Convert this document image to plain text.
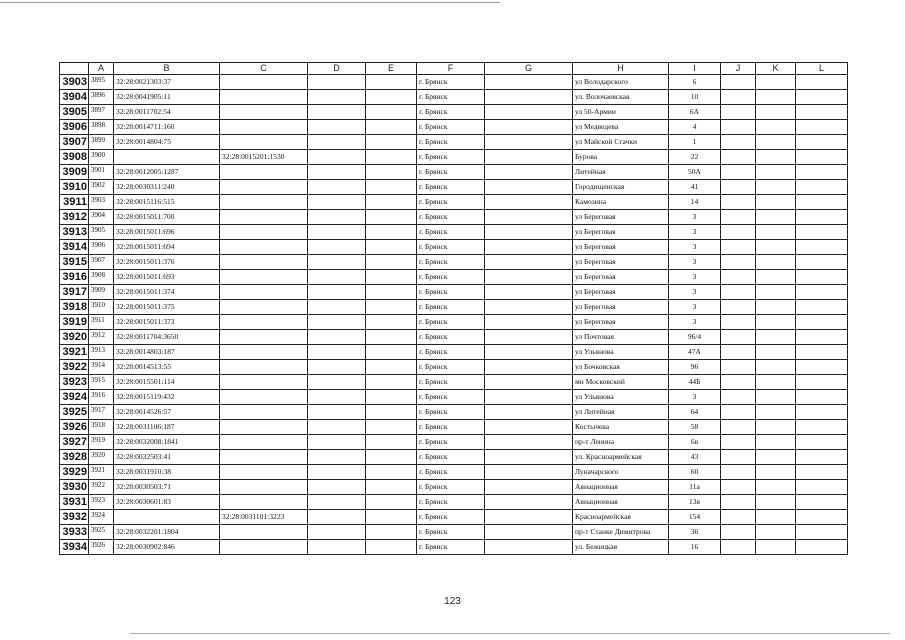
	A	B	C	D	E	F	G	H	I	J	K	L
3903	3895	32:28:0021303:37				г. Брянск		ул Володарского	6			
3904	3896	32:28:0041905:11				г. Брянск		ул. Волочаевская	10			
3905	3897	32:28:0011702:54				г. Брянск		ул 50-Армии	6А			
3906	3898	32:28:0014711:160				г. Брянск		ул Медведева	4			
3907	3899	32:28:0014804:75				г. Брянск		ул Майской Стачки	1			
3908	3900		32:28:0015201:1530			г. Брянск		Бурова	22			
3909	3901	32:28:0012005:1287				г. Брянск		Литейная	50А			
3910	3902	32:28:0030311:240				г. Брянск		Городищенская	41			
3911	3903	32:28:0015116:515				г. Брянск		Камозина	14			
3912	3904	32:28:0015011:700				г. Брянск		ул Береговая	3			
3913	3905	32:28:0015011:696				г. Брянск		ул Береговая	3			
3914	3906	32:28:0015011:694				г. Брянск		ул Береговая	3			
3915	3907	32:28:0015011:376				г. Брянск		ул Береговая	3			
3916	3908	32:28:0015011:693				г. Брянск		ул Береговая	3			
3917	3909	32:28:0015011:374				г. Брянск		ул Береговая	3			
3918	3910	32:28:0015011:375				г. Брянск		ул Береговая	3			
3919	3911	32:28:0015011:373				г. Брянск		ул Береговая	3			
3920	3912	32:28:0011704:3650				г. Брянск		ул Почтовая	96/4			
3921	3913	32:28:0014803:187				г. Брянск		ул Ульянова	47А			
3922	3914	32:28:0014513:55				г. Брянск		ул Бочковская	96			
3923	3915	32:28:0015501:114				г. Брянск		мн Московский	44Б			
3924	3916	32:28:0015119:432				г. Брянск		ул Ульянова	3			
3925	3917	32:28:0014526:57				г. Брянск		ул Литейная	64			
3926	3918	32:28:0031106:187				г. Брянск		Костычева	58			
3927	3919	32:28:0032008:1841				г. Брянск		пр-т Ленина	6в			
3928	3920	32:28:0032503:41				г. Брянск		ул. Красноармейская	43			
3929	3921	32:28:0031910:38				г. Брянск		Луначарского	60			
3930	3922	32:28:0030503:71				г. Брянск		Авиационная	11а			
3931	3923	32:28:0030601:83				г. Брянск		Авиационная	13в			
3932	3924		32:28:0031101:3223			г. Брянск		Красноармейская	154			
3933	3925	32:28:0032201:1804				г. Брянск		пр-т Станке Димитрова	36			
3934	3926	32:28:0030902:846				г. Брянск		ул. Бежицкая	16			
123
